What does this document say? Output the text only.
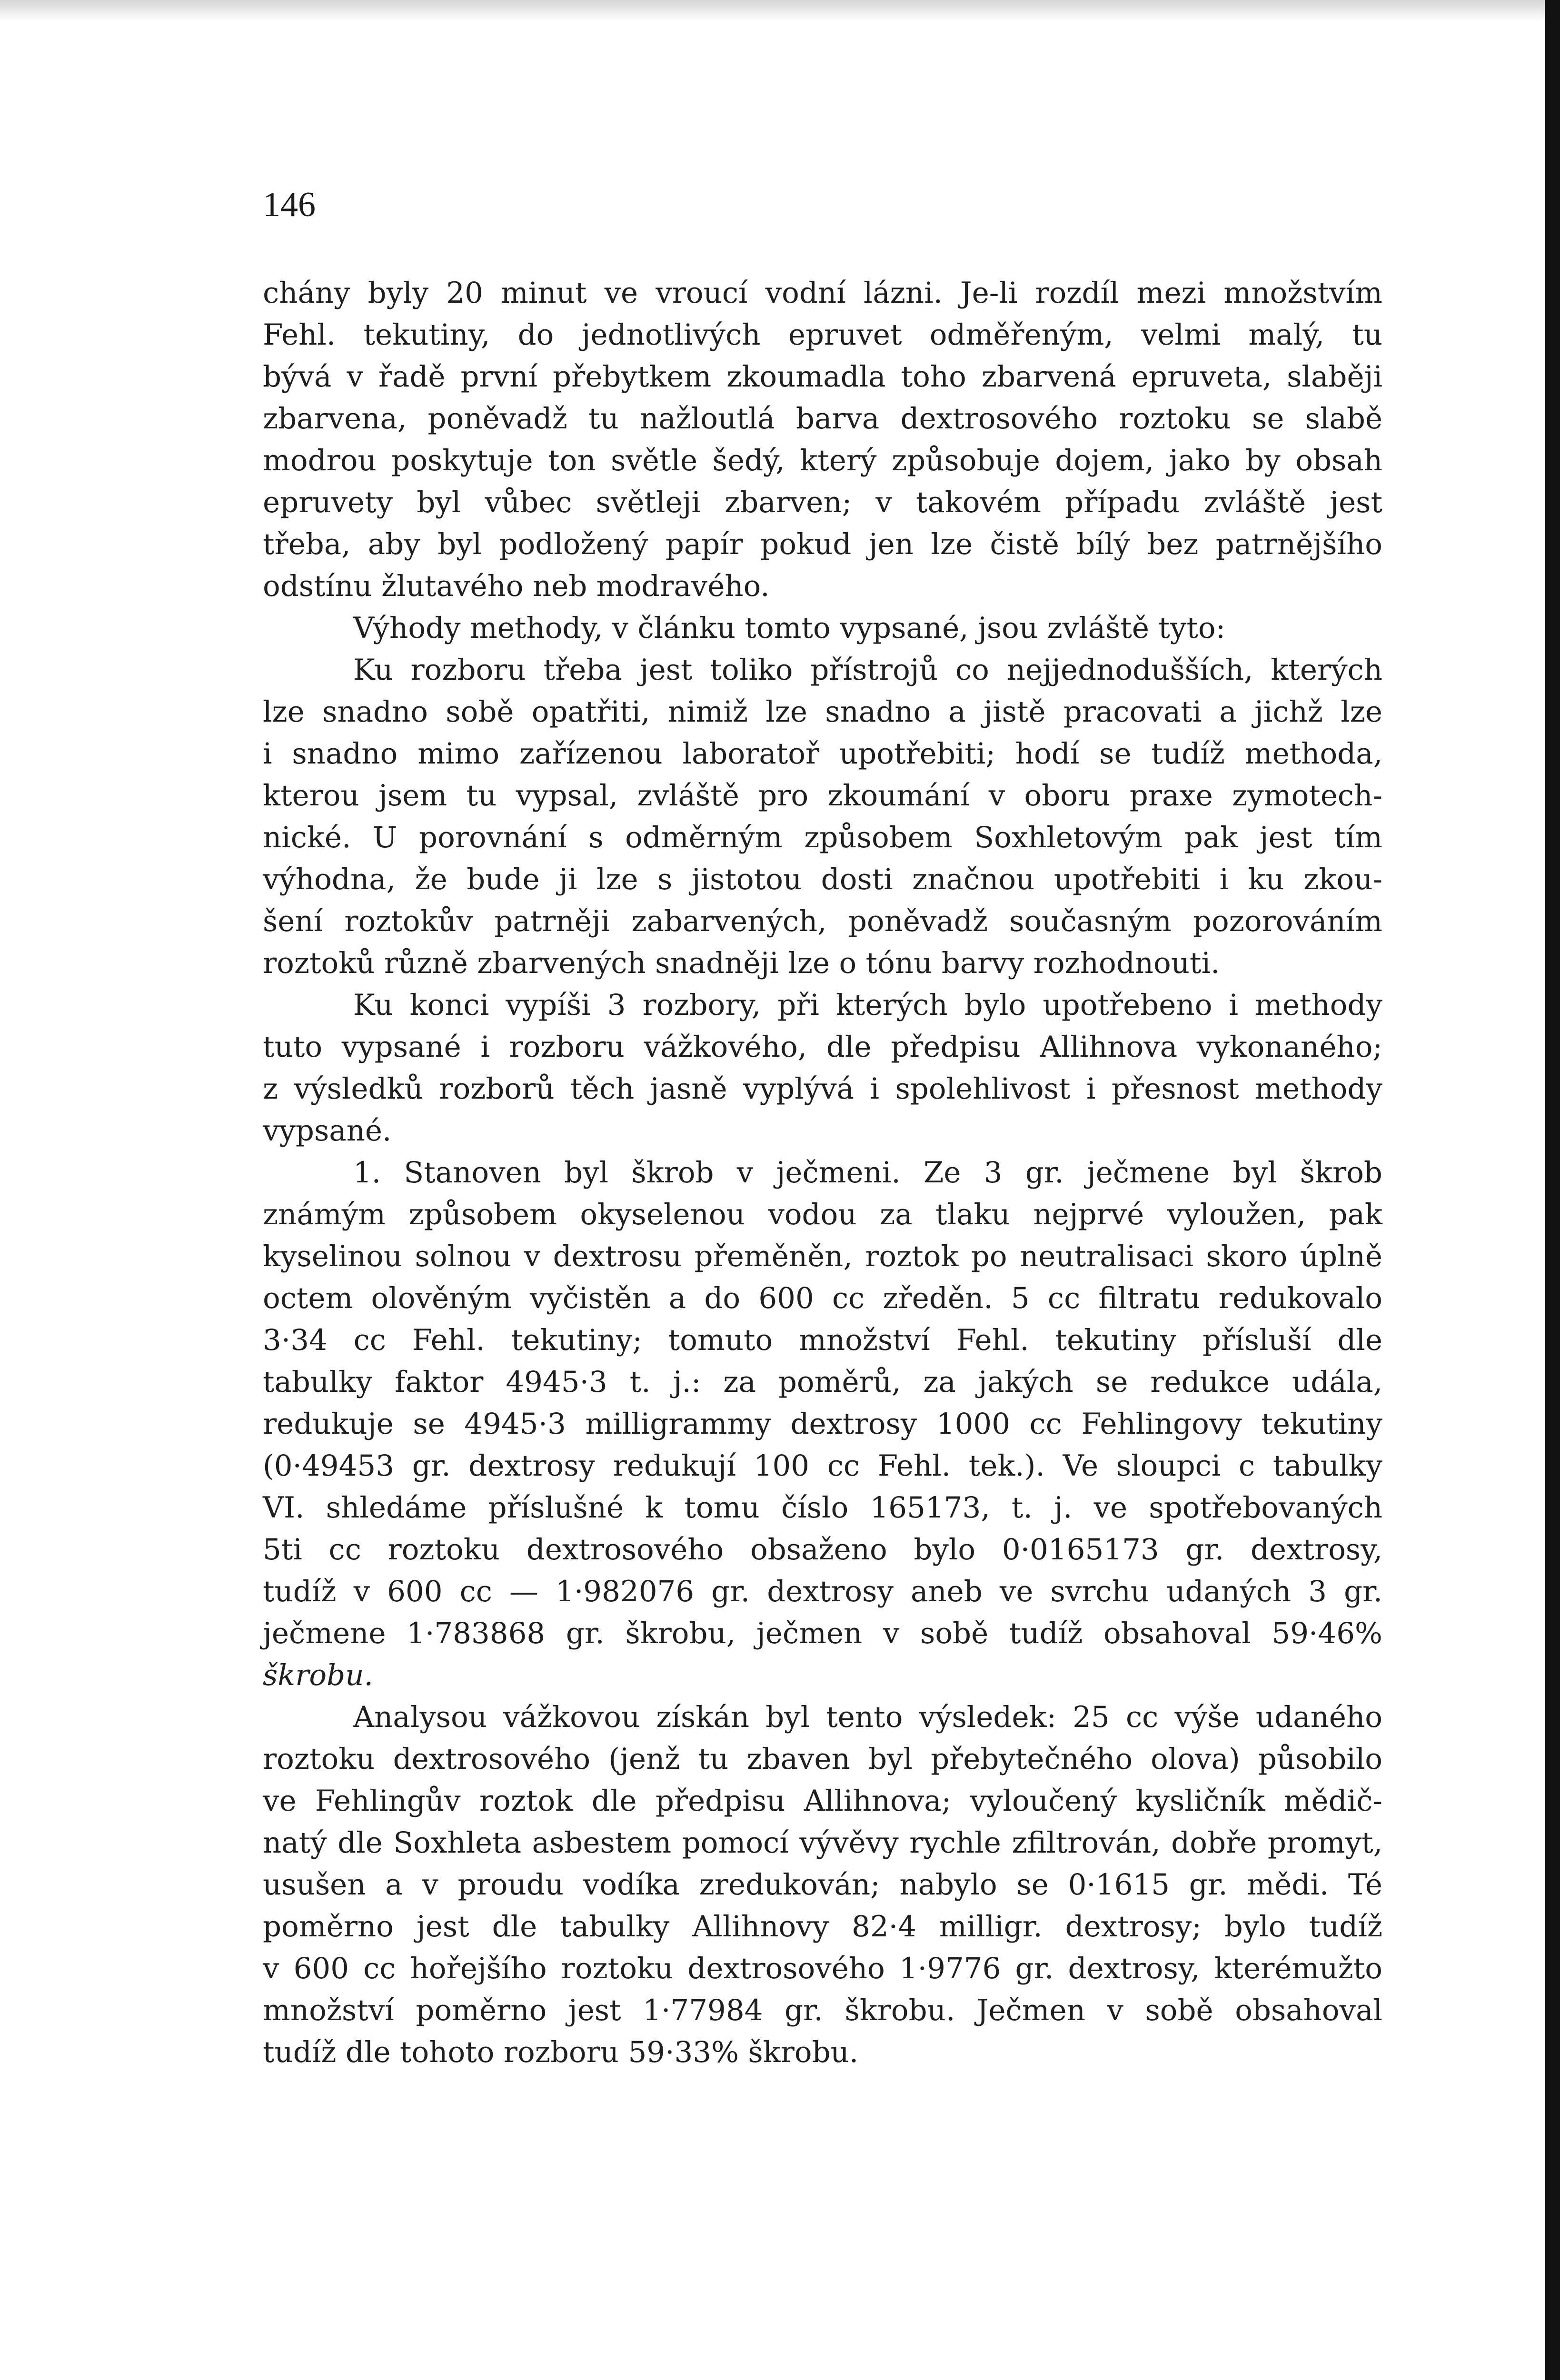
146
chány byly 20 minut ve vroucí vodní lázni. Je-li rozdíl mezi množstvím
Fehl. tekutiny, do jednotlivých epruvet odměřeným, velmi malý, tu
bývá v řadě první přebytkem zkoumadla toho zbarvená epruveta, slaběji
zbarvena, poněvadž tu nažloutlá barva dextrosového roztoku se slabě
modrou poskytuje ton světle šedý, který způsobuje dojem, jako by obsah
epruvety byl vůbec světleji zbarven; v takovém případu zvláště jest
třeba, aby byl podložený papír pokud jen lze čistě bílý bez patrnějšího
odstínu žlutavého neb modravého.
Výhody methody, v článku tomto vypsané, jsou zvláště tyto:
Ku rozboru třeba jest toliko přístrojů co nejjednodušších, kterých
lze snadno sobě opatřiti, nimiž lze snadno a jistě pracovati a jichž lze
i snadno mimo zařízenou laboratoř upotřebiti; hodí se tudíž methoda,
kterou jsem tu vypsal, zvláště pro zkoumání v oboru praxe zymotech-
nické. U porovnání s odměrným způsobem Soxhletovým pak jest tím
výhodna, že bude ji lze s jistotou dosti značnou upotřebiti i ku zkou-
šení roztokův patrněji zabarvených, poněvadž současným pozorováním
roztoků různě zbarvených snadněji lze o tónu barvy rozhodnouti.
Ku konci vypíši 3 rozbory, při kterých bylo upotřebeno i methody
tuto vypsané i rozboru vážkového, dle předpisu Allihnova vykonaného;
z výsledků rozborů těch jasně vyplývá i spolehlivost i přesnost methody
vypsané.
1. Stanoven byl škrob v ječmeni. Ze 3 gr. ječmene byl škrob
známým způsobem okyselenou vodou za tlaku nejprvé vyloužen, pak
kyselinou solnou v dextrosu přeměněn, roztok po neutralisaci skoro úplně
octem olověným vyčistěn a do 600 cc zředěn. 5 cc filtratu redukovalo
3·34 cc Fehl. tekutiny; tomuto množství Fehl. tekutiny přísluší dle
tabulky faktor 4945·3 t. j.: za poměrů, za jakých se redukce udála,
redukuje se 4945·3 milligrammy dextrosy 1000 cc Fehlingovy tekutiny
(0·49453 gr. dextrosy redukují 100 cc Fehl. tek.). Ve sloupci c tabulky
VI. shledáme příslušné k tomu číslo 165173, t. j. ve spotřebovaných
5ti cc roztoku dextrosového obsaženo bylo 0·0165173 gr. dextrosy,
tudíž v 600 cc — 1·982076 gr. dextrosy aneb ve svrchu udaných 3 gr.
ječmene 1·783868 gr. škrobu, ječmen v sobě tudíž obsahoval 59·46%
škrobu.
Analysou vážkovou získán byl tento výsledek: 25 cc výše udaného
roztoku dextrosového (jenž tu zbaven byl přebytečného olova) působilo
ve Fehlingův roztok dle předpisu Allihnova; vyloučený kysličník mědič-
natý dle Soxhleta asbestem pomocí vývěvy rychle zfiltrován, dobře promyt,
usušen a v proudu vodíka zredukován; nabylo se 0·1615 gr. mědi. Té
poměrno jest dle tabulky Allihnovy 82·4 milligr. dextrosy; bylo tudíž
v 600 cc hořejšího roztoku dextrosového 1·9776 gr. dextrosy, kterémužto
množství poměrno jest 1·77984 gr. škrobu. Ječmen v sobě obsahoval
tudíž dle tohoto rozboru 59·33% škrobu.
